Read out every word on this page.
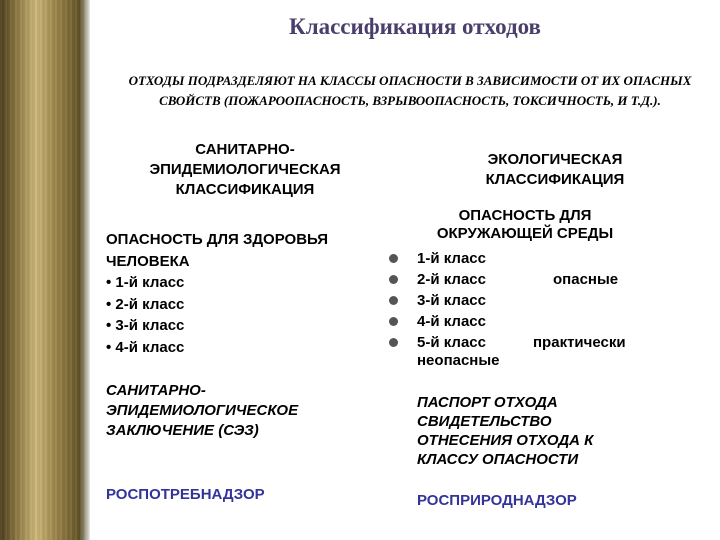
Классификация отходов
ОТХОДЫ ПОДРАЗДЕЛЯЮТ НА КЛАССЫ ОПАСНОСТИ В ЗАВИСИМОСТИ ОТ ИХ ОПАСНЫХ СВОЙСТВ (ПОЖАРООПАСНОСТЬ, ВЗРЫВООПАСНОСТЬ, ТОКСИЧНОСТЬ, И Т.Д.).
САНИТАРНО-
ЭПИДЕМИОЛОГИЧЕСКАЯ
КЛАССИФИКАЦИЯ
ОПАСНОСТЬ ДЛЯ ЗДОРОВЬЯ
ЧЕЛОВЕКА
• 1-й класс
• 2-й класс
• 3-й класс
• 4-й класс
САНИТАРНО-
ЭПИДЕМИОЛОГИЧЕСКОЕ
ЗАКЛЮЧЕНИЕ (СЭЗ)
РОСПОТРЕБНАДЗОР
ЭКОЛОГИЧЕСКАЯ
КЛАССИФИКАЦИЯ
ОПАСНОСТЬ ДЛЯ
ОКРУЖАЮЩЕЙ СРЕДЫ
1-й класс
2-й класс
3-й класс
4-й класс
5-й класс
опасные
практически
неопасные
ПАСПОРТ ОТХОДА
СВИДЕТЕЛЬСТВО
ОТНЕСЕНИЯ ОТХОДА К
КЛАССУ ОПАСНОСТИ
РОСПРИРОДНАДЗОР
